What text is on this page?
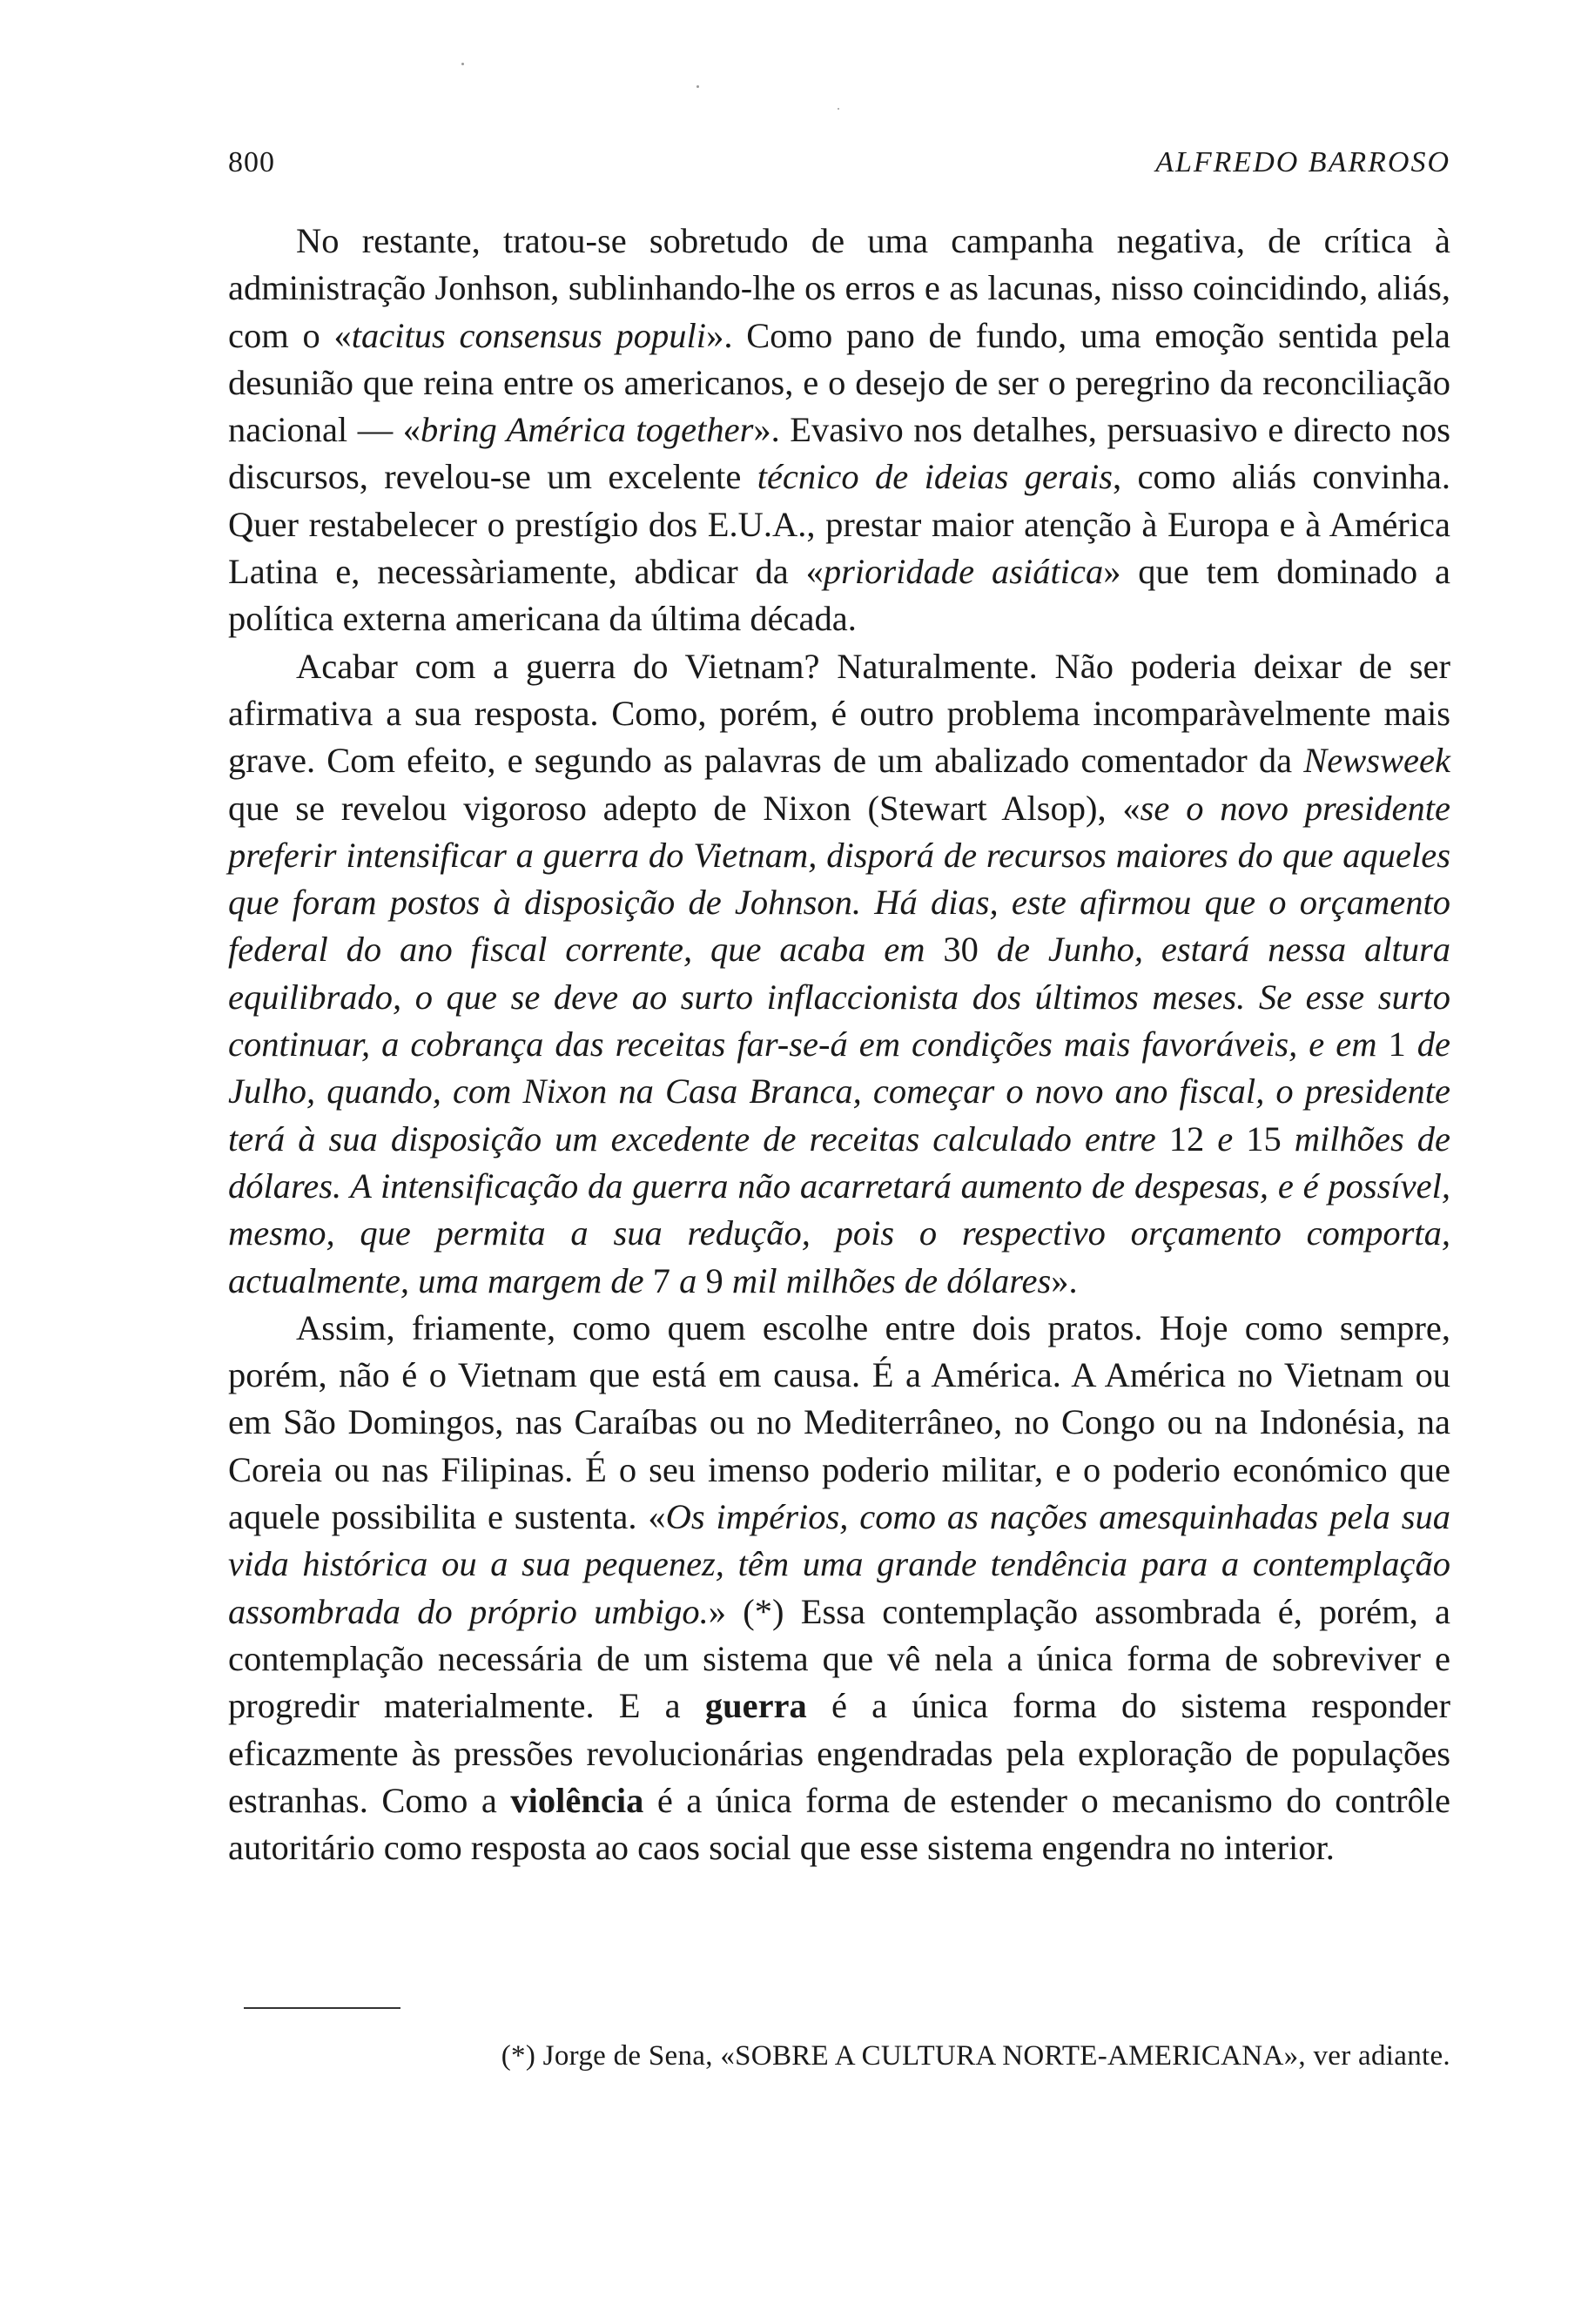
800	ALFREDO BARROSO

No restante, tratou-se sobretudo de uma campanha negativa, de crítica à administração Jonhson, sublinhando-lhe os erros e as lacunas, nisso coincidindo, aliás, com o «tacitus consensus populi». Como pano de fundo, uma emoção sentida pela desunião que reina entre os americanos, e o desejo de ser o peregrino da reconciliação nacional — «bring América together». Evasivo nos detalhes, persuasivo e directo nos discursos, revelou-se um excelente técnico de ideias gerais, como aliás convinha. Quer restabelecer o prestígio dos E.U.A., prestar maior atenção à Europa e à América Latina e, necessàriamente, abdicar da «prioridade asiática» que tem dominado a política externa americana da última década.

Acabar com a guerra do Vietnam? Naturalmente. Não poderia deixar de ser afirmativa a sua resposta. Como, porém, é outro problema incomparàvelmente mais grave. Com efeito, e segundo as palavras de um abalizado comentador da Newsweek que se revelou vigoroso adepto de Nixon (Stewart Alsop), «se o novo presidente preferir intensificar a guerra do Vietnam, disporá de recursos maiores do que aqueles que foram postos à disposição de Johnson. Há dias, este afirmou que o orçamento federal do ano fiscal corrente, que acaba em 30 de Junho, estará nessa altura equilibrado, o que se deve ao surto inflaccionista dos últimos meses. Se esse surto continuar, a cobrança das receitas far-se-á em condições mais favoráveis, e em 1 de Julho, quando, com Nixon na Casa Branca, começar o novo ano fiscal, o presidente terá à sua disposição um excedente de receitas calculado entre 12 e 15 milhões de dólares. A intensificação da guerra não acarretará aumento de despesas, e é possível, mesmo, que permita a sua redução, pois o respectivo orçamento comporta, actualmente, uma margem de 7 a 9 mil milhões de dólares».

Assim, friamente, como quem escolhe entre dois pratos. Hoje como sempre, porém, não é o Vietnam que está em causa. É a América. A América no Vietnam ou em São Domingos, nas Caraíbas ou no Mediterrâneo, no Congo ou na Indonésia, na Coreia ou nas Filipinas. É o seu imenso poderio militar, e o poderio económico que aquele possibilita e sustenta. «Os impérios, como as nações amesquinhadas pela sua vida histórica ou a sua pequenez, têm uma grande tendência para a contemplação assombrada do próprio umbigo.» (*) Essa contemplação assombrada é, porém, a contemplação necessária de um sistema que vê nela a única forma de sobreviver e progredir materialmente. E a guerra é a única forma do sistema responder eficazmente às pressões revolucionárias engendradas pela exploração de populações estranhas. Como a violência é a única forma de estender o mecanismo do contrôle autoritário como resposta ao caos social que esse sistema engendra no interior.

(*) Jorge de Sena, «SOBRE A CULTURA NORTE-AMERICANA», ver adiante.
